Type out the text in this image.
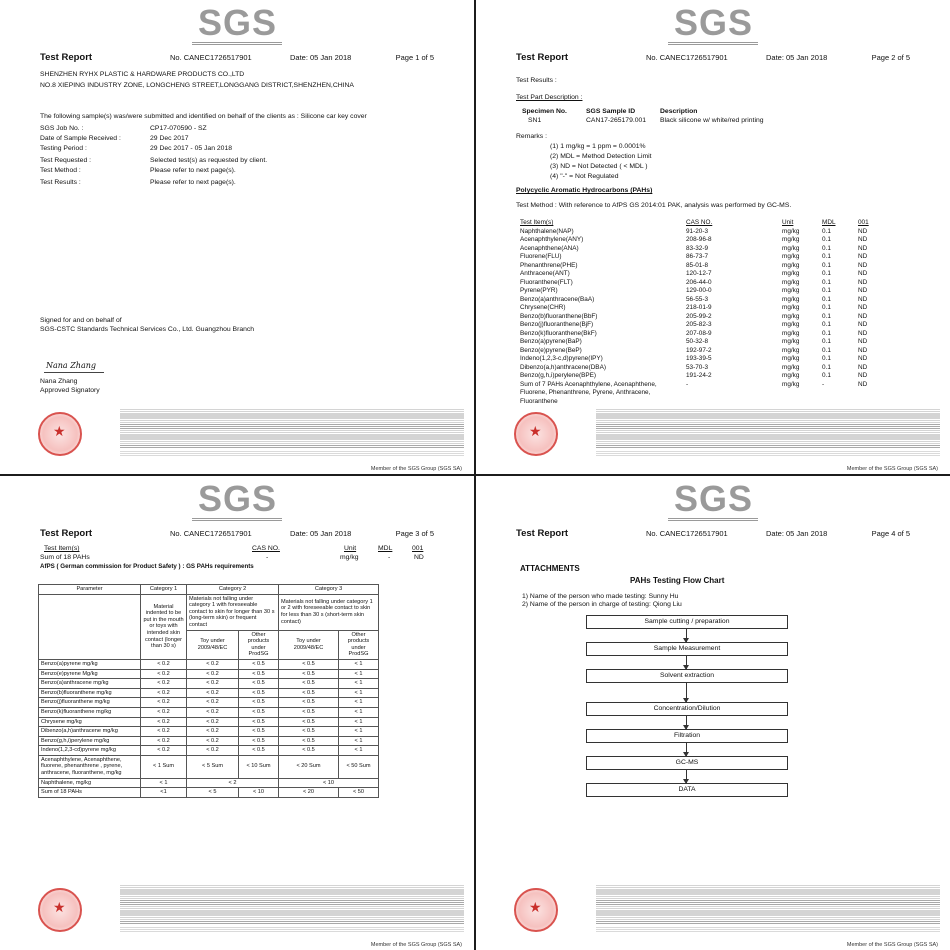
SGS
Test Report	No. CANEC1726517901	Date: 05 Jan 2018	Page 1 of 5
SHENZHEN RYHX PLASTIC & HARDWARE PRODUCTS CO.,LTD
NO.8 XIEPING INDUSTRY ZONE, LONGCHENG STREET,LONGGANG DISTRICT,SHENZHEN,CHINA
The following sample(s) was/were submitted and identified on behalf of the clients as : Silicone car key cover
SGS Job No. :	CP17-070590 - SZ
Date of Sample Received :	29 Dec 2017
Testing Period :	29 Dec 2017 - 05 Jan 2018
Test Requested :	Selected test(s) as requested by client.
Test Method :	Please refer to next page(s).
Test Results :	Please refer to next page(s).
Signed for and on behalf of
SGS-CSTC Standards Technical Services Co., Ltd. Guangzhou Branch
Nana Zhang
Nana Zhang
Approved Signatory
★
Member of the SGS Group (SGS SA)
SGS
Test Report	No. CANEC1726517901	Date: 05 Jan 2018	Page 2 of 5
Test Results :
Test Part Description :
Specimen No.	SGS Sample ID	Description
SN1	CAN17-265179.001 Black silicone w/ white/red printing
Remarks :
(1) 1 mg/kg = 1 ppm = 0.0001%
(2) MDL = Method Detection Limit
(3) ND = Not Detected ( < MDL )
(4) "-" = Not Regulated
Polycyclic Aromatic Hydrocarbons (PAHs)
Test Method : With reference to AfPS GS 2014:01 PAK, analysis was performed by GC-MS.
Test Item(s)	CAS NO.	Unit	MDL	001
Naphthalene(NAP)	91-20-3	mg/kg	0.1	ND
Acenaphthylene(ANY)	208-96-8	mg/kg	0.1	ND
Acenaphthene(ANA)	83-32-9	mg/kg	0.1	ND
Fluorene(FLU)	86-73-7	mg/kg	0.1	ND
Phenanthrene(PHE)	85-01-8	mg/kg	0.1	ND
Anthracene(ANT)	120-12-7	mg/kg	0.1	ND
Fluoranthene(FLT)	206-44-0	mg/kg	0.1	ND
Pyrene(PYR)	129-00-0	mg/kg	0.1	ND
Benzo(a)anthracene(BaA)	56-55-3	mg/kg	0.1	ND
Chrysene(CHR)	218-01-9	mg/kg	0.1	ND
Benzo(b)fluoranthene(BbF)	205-99-2	mg/kg	0.1	ND
Benzo(j)fluoranthene(BjF)	205-82-3	mg/kg	0.1	ND
Benzo(k)fluoranthene(BkF)	207-08-9	mg/kg	0.1	ND
Benzo(a)pyrene(BaP)	50-32-8	mg/kg	0.1	ND
Benzo(e)pyrene(BeP)	192-97-2	mg/kg	0.1	ND
Indeno(1,2,3-c,d)pyrene(IPY)	193-39-5	mg/kg	0.1	ND
Dibenzo(a,h)anthracene(DBA)	53-70-3	mg/kg	0.1	ND
Benzo(g,h,i)perylene(BPE)	191-24-2	mg/kg	0.1	ND
Sum of 7 PAHs Acenaphthylene, Acenaphthene,	-	mg/kg	-	ND
Fluorene, Phenanthrene, Pyrene, Anthracene,				
Fluoranthene				
★
Member of the SGS Group (SGS SA)
SGS
Test Report	No. CANEC1726517901	Date: 05 Jan 2018	Page 3 of 5
Test Item(s)	CAS NO.	Unit	MDL	001
Sum of 18 PAHs	-	mg/kg	-	ND
AfPS ( German commission for Product Safety ) : GS PAHs requirements
Parameter	Category 1	Category 2		Category 3	
	Material indented to be put in the mouth or toys with intended skin contact (longer than 30 s)	Materials not falling under category 1 with foreseeable contact to skin for longer than 30 s (long-term skin) or frequent contact		Materials not falling under category 1 or 2 with foreseeable contact to skin for less than 30 s (short-term skin contact)	
		Toy under 2009/48/EC	Other products under ProdSG	Toy under 2009/48/EC	Other products under ProdSG
Benzo(a)pyrene mg/kg	< 0.2	< 0.2	< 0.5	< 0.5	< 1
Benzo(e)pyrene Mg/kg	< 0.2	< 0.2	< 0.5	< 0.5	< 1
Benzo(a)anthracene mg/kg	< 0.2	< 0.2	< 0.5	< 0.5	< 1
Benzo(b)fluoranthene mg/kg	< 0.2	< 0.2	< 0.5	< 0.5	< 1
Benzo(j)fluoranthene mg/kg	< 0.2	< 0.2	< 0.5	< 0.5	< 1
Benzo(k)fluoranthene mg/kg	< 0.2	< 0.2	< 0.5	< 0.5	< 1
Chrysene mg/kg	< 0.2	< 0.2	< 0.5	< 0.5	< 1
Dibenzo(a,h)anthracene mg/kg	< 0.2	< 0.2	< 0.5	< 0.5	< 1
Benzo(g,h,i)perylene mg/kg	< 0.2	< 0.2	< 0.5	< 0.5	< 1
Indeno(1,2,3-cd)pyrene mg/kg	< 0.2	< 0.2	< 0.5	< 0.5	< 1
Acenaphthylene, Acenaphthene, fluorene, phenanthrene , pyrene, anthracene, fluoranthene, mg/kg	< 1 Sum	< 5 Sum	< 10 Sum	< 20 Sum	< 50 Sum
Naphthalene, mg/kg	< 1	< 2		< 10	
Sum of 18 PAHs	<1	< 5	< 10	< 20	< 50
★
Member of the SGS Group (SGS SA)
SGS
Test Report	No. CANEC1726517901	Date: 05 Jan 2018	Page 4 of 5
ATTACHMENTS
PAHs Testing Flow Chart
1) Name of the person who made testing: Sunny Hu
2) Name of the person in charge of testing: Qiong Liu
Sample cutting / preparation
Sample Measurement
Solvent extraction
Concentration/Dilution
Filtration
GC-MS
DATA
★
Member of the SGS Group (SGS SA)
